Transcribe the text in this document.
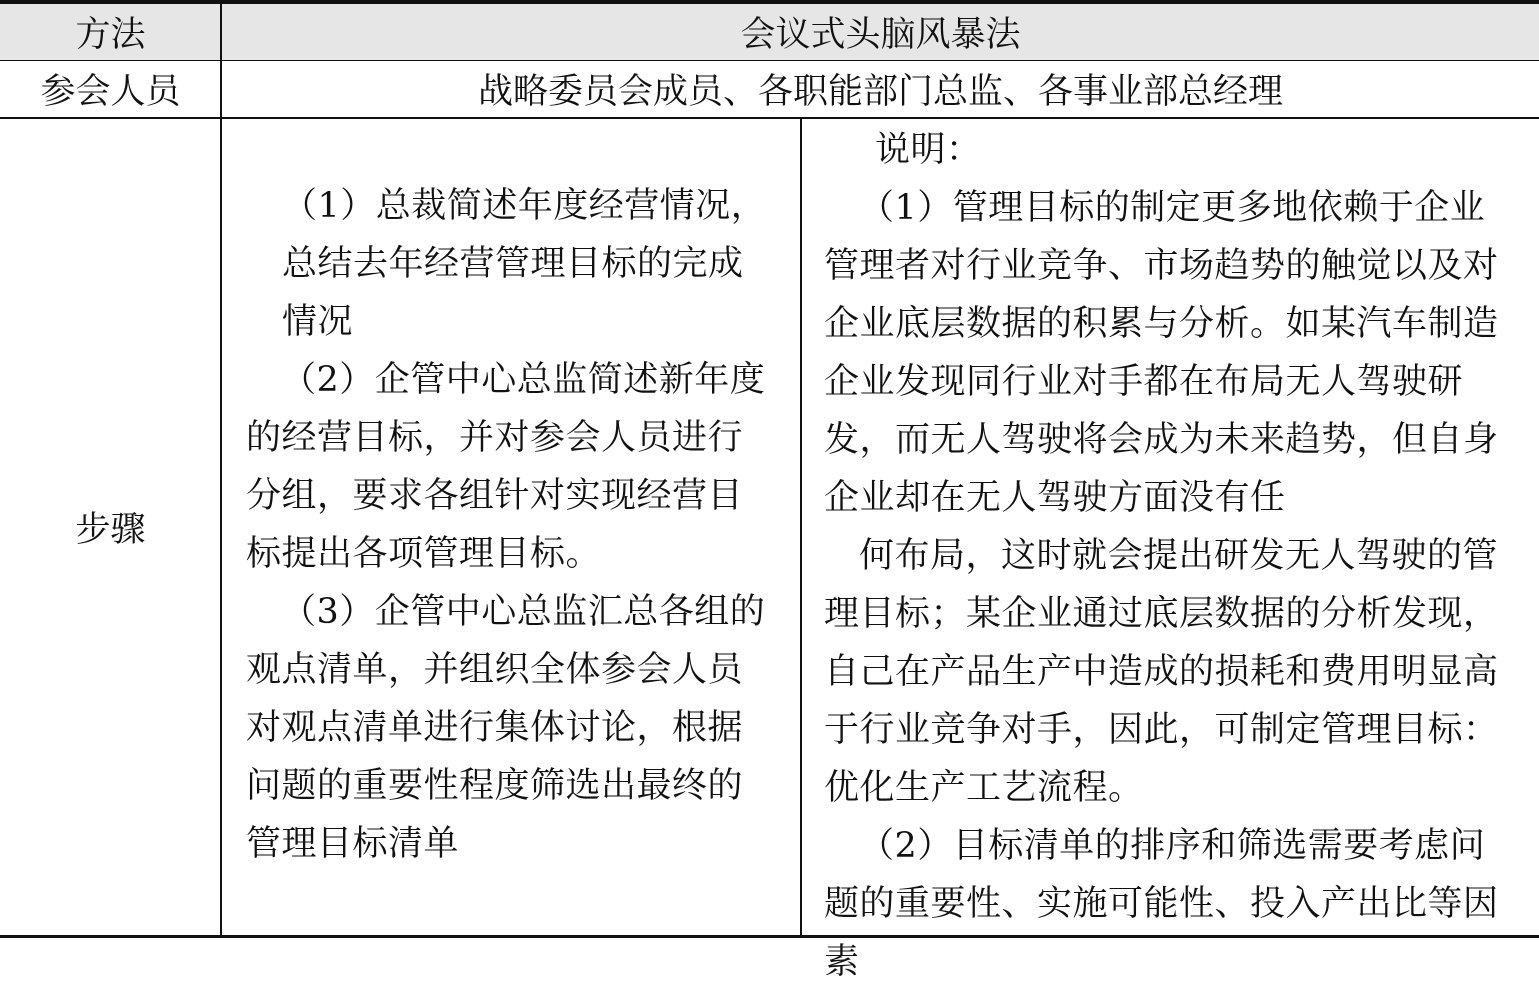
方法	会议式头脑风暴法
参会人员	战略委员会成员、各职能部门总监、各事业部总经理
步骤

（1）总裁简述年度经营情况，总结去年经营管理目标的完成情况

（2）企管中心总监简述新年度的经营目标，并对参会人员进行分组，要求各组针对实现经营目标提出各项管理目标。

（3）企管中心总监汇总各组的观点清单，并组织全体参会人员对观点清单进行集体讨论，根据问题的重要性程度筛选出最终的管理目标清单

说明：

（1）管理目标的制定更多地依赖于企业管理者对行业竞争、市场趋势的触觉以及对企业底层数据的积累与分析。如某汽车制造企业发现同行业对手都在布局无人驾驶研发，而无人驾驶将会成为未来趋势，但自身企业却在无人驾驶方面没有任

何布局，这时就会提出研发无人驾驶的管理目标；某企业通过底层数据的分析发现，自己在产品生产中造成的损耗和费用明显高于行业竞争对手，因此，可制定管理目标：优化生产工艺流程。

（2）目标清单的排序和筛选需要考虑问题的重要性、实施可能性、投入产出比等因素
